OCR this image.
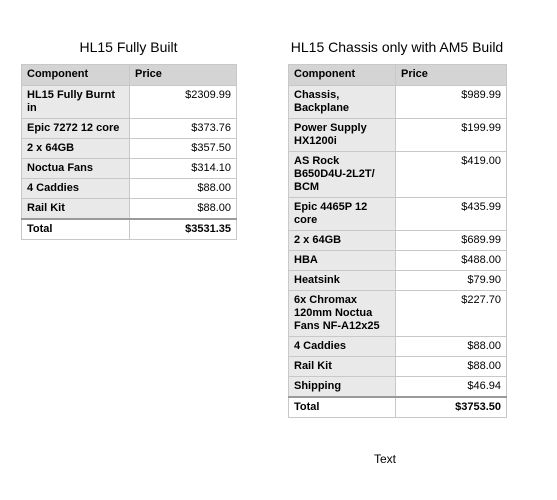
HL15 Fully Built
Component	Price
HL15 Fully Burnt in	$2309.99
Epic 7272 12 core	$373.76
2 x 64GB	$357.50
Noctua Fans	$314.10
4 Caddies	$88.00
Rail Kit	$88.00
Total	$3531.35
HL15 Chassis only with AM5 Build
Component	Price
Chassis, Backplane	$989.99
Power Supply HX1200i	$199.99
AS Rock B650D4U-2L2T/ BCM	$419.00
Epic 4465P 12 core	$435.99
2 x 64GB	$689.99
HBA	$488.00
Heatsink	$79.90
6x Chromax 120mm Noctua Fans NF-A12x25	$227.70
4 Caddies	$88.00
Rail Kit	$88.00
Shipping	$46.94
Total	$3753.50
Text
